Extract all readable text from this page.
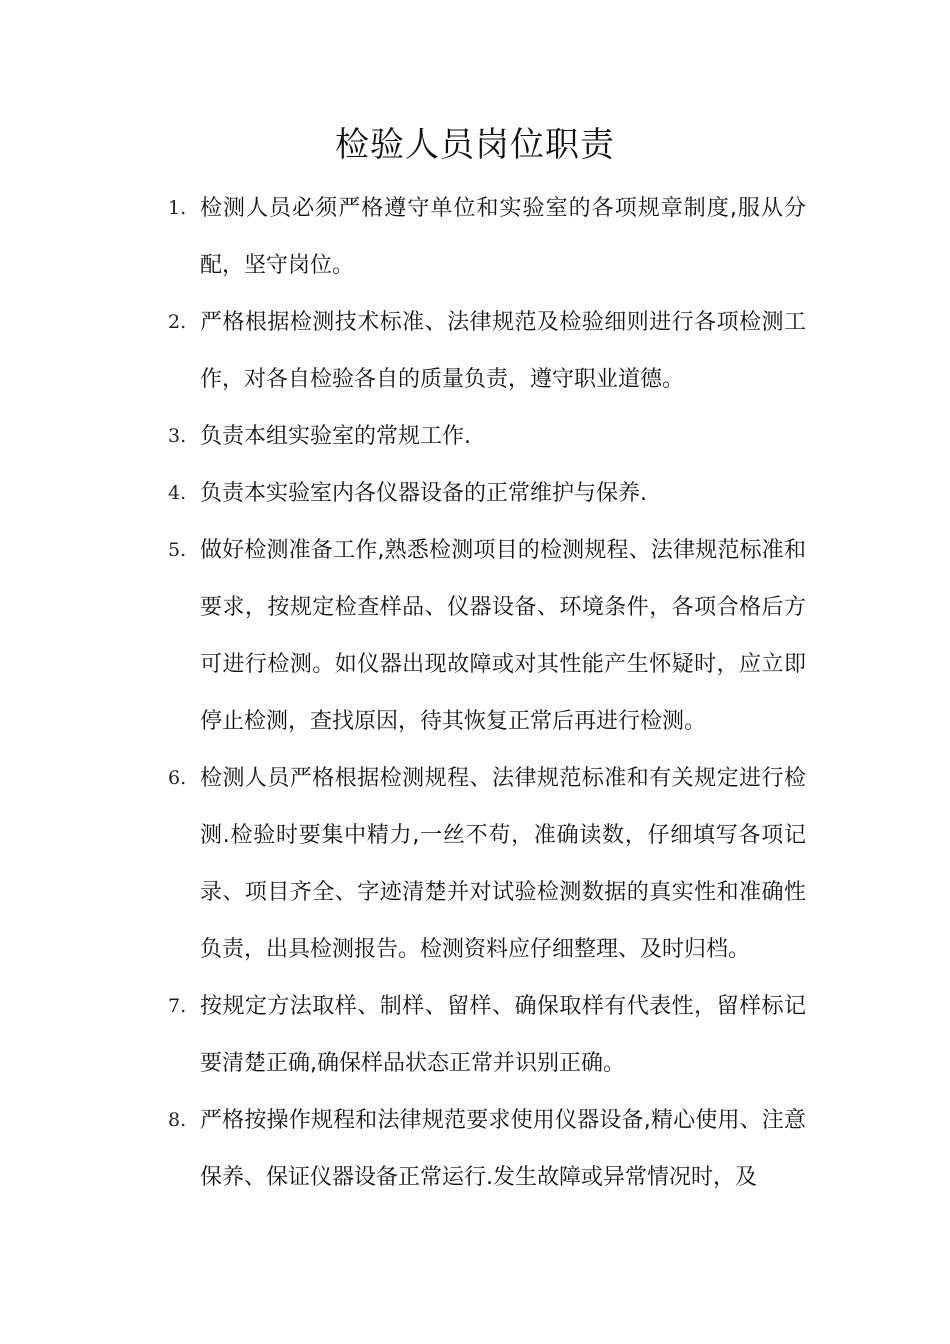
检验人员岗位职责
1. 检测人员必须严格遵守单位和实验室的各项规章制度,服从分配，坚守岗位。
2. 严格根据检测技术标准、法律规范及检验细则进行各项检测工作，对各自检验各自的质量负责，遵守职业道德。
3. 负责本组实验室的常规工作.
4. 负责本实验室内各仪器设备的正常维护与保养.
5. 做好检测准备工作,熟悉检测项目的检测规程、法律规范标准和要求，按规定检查样品、仪器设备、环境条件，各项合格后方可进行检测。如仪器出现故障或对其性能产生怀疑时，应立即停止检测，查找原因，待其恢复正常后再进行检测。
6. 检测人员严格根据检测规程、法律规范标准和有关规定进行检测.检验时要集中精力,一丝不苟，准确读数，仔细填写各项记录、项目齐全、字迹清楚并对试验检测数据的真实性和准确性负责，出具检测报告。检测资料应仔细整理、及时归档。
7. 按规定方法取样、制样、留样、确保取样有代表性，留样标记要清楚正确,确保样品状态正常并识别正确。
8. 严格按操作规程和法律规范要求使用仪器设备,精心使用、注意保养、保证仪器设备正常运行.发生故障或异常情况时，及
